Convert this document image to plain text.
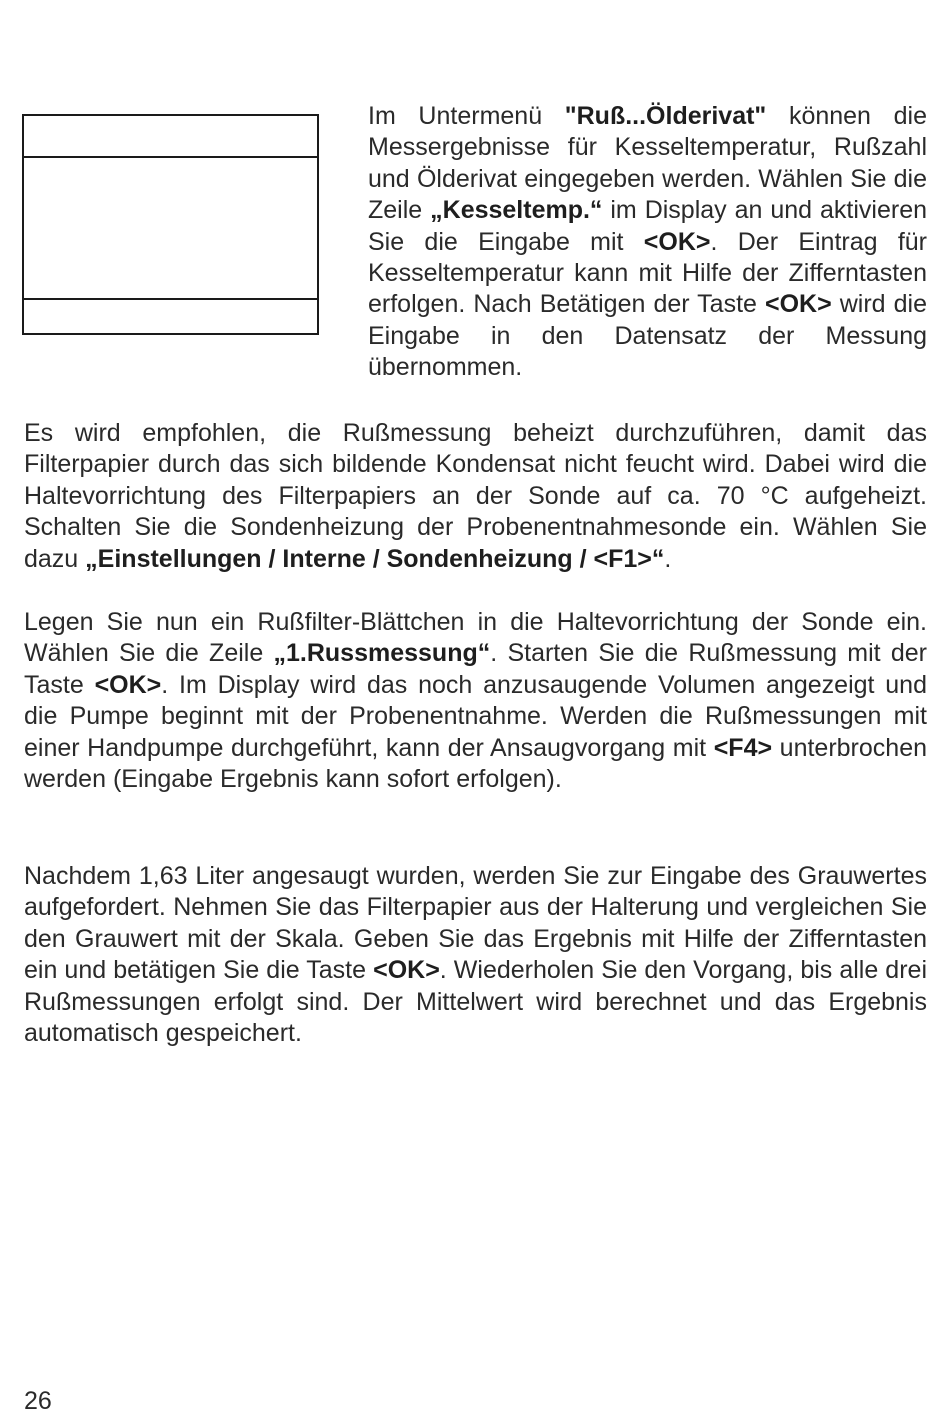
Im Untermenü "Ruß...Ölderivat" können die Messergebnisse für Kesseltemperatur, Rußzahl und Ölderivat eingegeben werden. Wählen Sie die Zeile „Kesseltemp.“ im Display an und aktivieren Sie die Eingabe mit <OK>. Der Eintrag für Kesseltemperatur kann mit Hilfe der Zifferntasten erfolgen. Nach Betätigen der Taste <OK> wird die Eingabe in den Datensatz der Messung übernommen.

Es wird empfohlen, die Rußmessung beheizt durchzuführen, damit das Filterpapier durch das sich bildende Kondensat nicht feucht wird. Dabei wird die Haltevorrichtung des Filterpapiers an der Sonde auf ca. 70 °C aufgeheizt. Schalten Sie die Sondenheizung der Probenentnahmesonde ein. Wählen Sie dazu „Einstellungen / Interne / Sondenheizung / <F1>“.

Legen Sie nun ein Rußfilter-Blättchen in die Haltevorrichtung der Sonde ein. Wählen Sie die Zeile „1.Russmessung“. Starten Sie die Rußmessung mit der Taste <OK>. Im Display wird das noch anzusaugende Volumen angezeigt und die Pumpe beginnt mit der Probenentnahme. Werden die Rußmessungen mit einer Handpumpe durchgeführt, kann der Ansaugvorgang mit <F4> unterbrochen werden (Eingabe Ergebnis kann sofort erfolgen).

Nachdem 1,63 Liter angesaugt wurden, werden Sie zur Eingabe des Grauwertes aufgefordert. Nehmen Sie das Filterpapier aus der Halterung und vergleichen Sie den Grauwert mit der Skala. Geben Sie das Ergebnis mit Hilfe der Zifferntasten ein und betätigen Sie die Taste <OK>. Wiederholen Sie den Vorgang, bis alle drei Rußmessungen erfolgt sind. Der Mittelwert wird berechnet und das Ergebnis automatisch gespeichert.

26
